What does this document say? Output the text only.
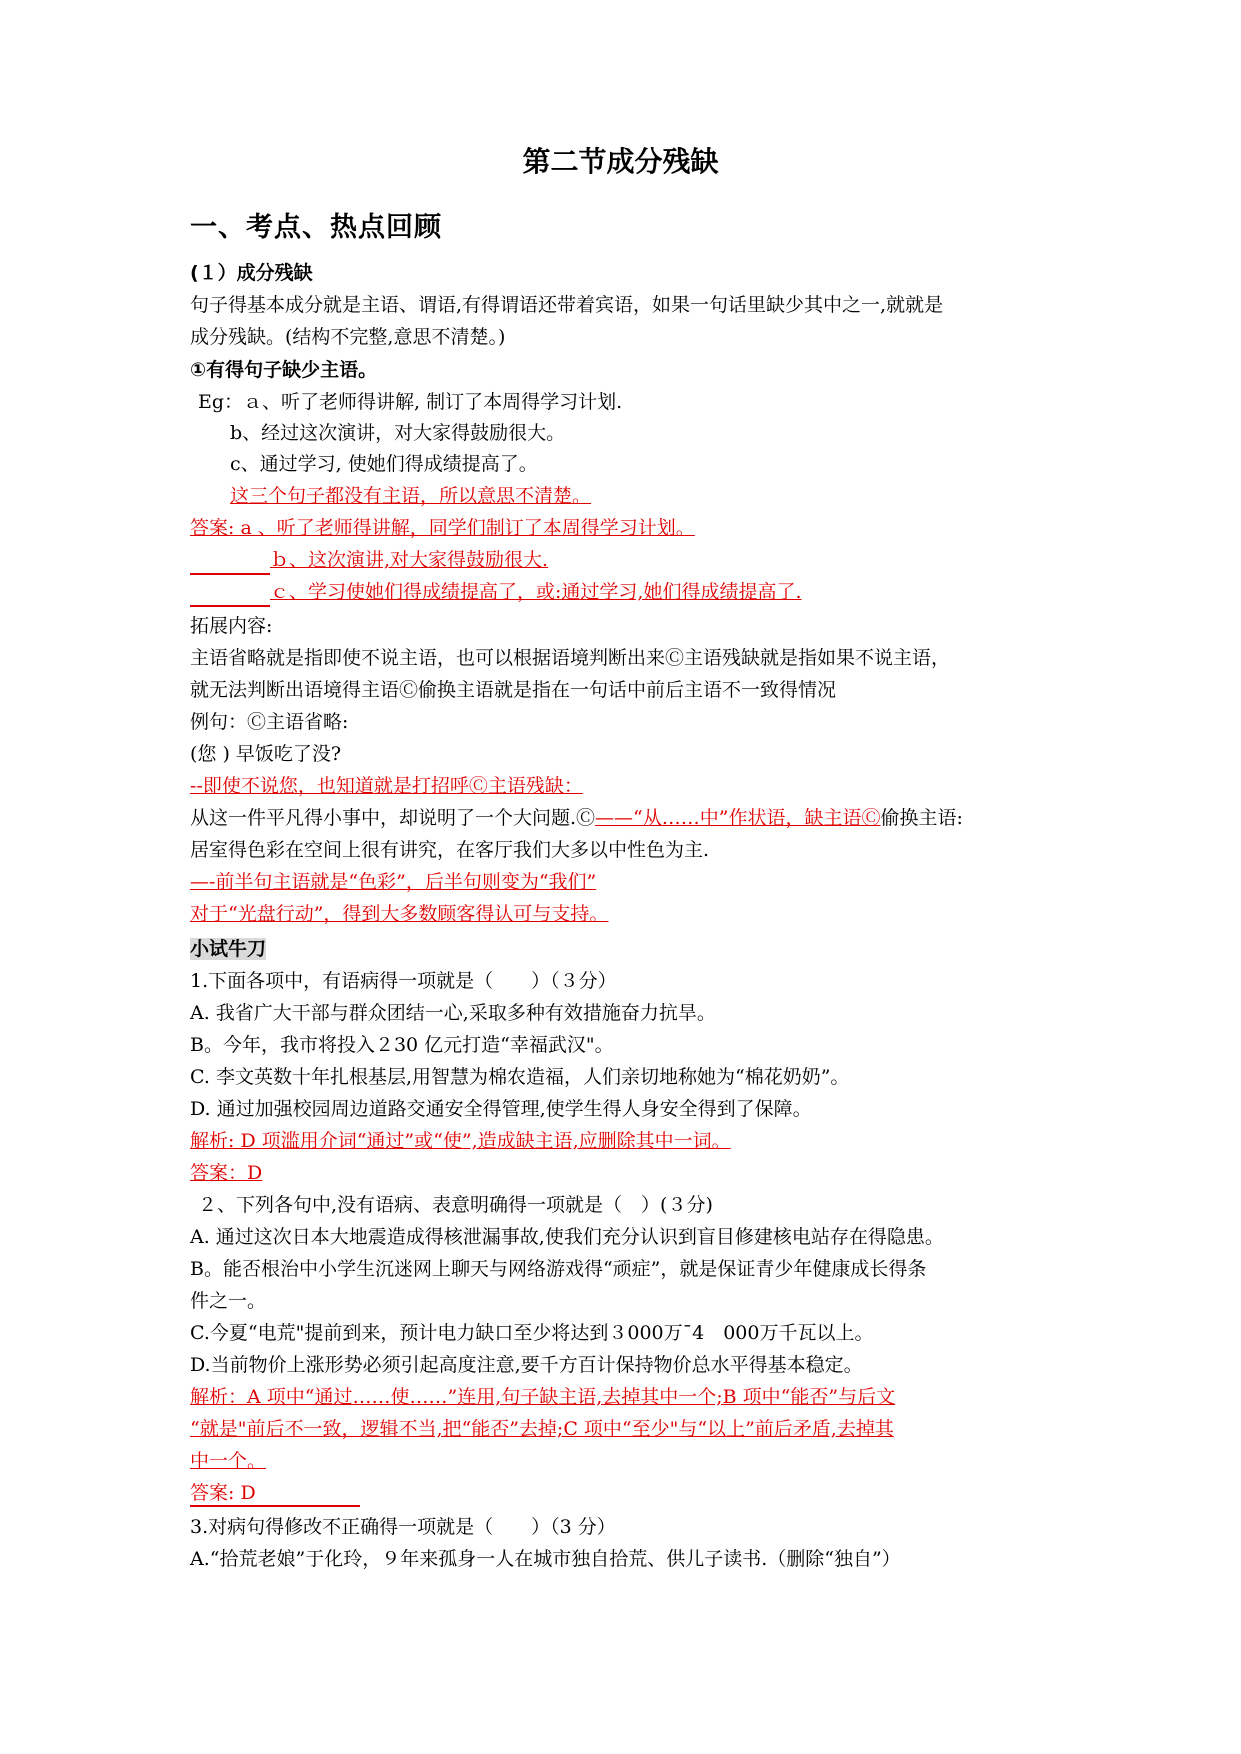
第二节成分残缺
一、考点、热点回顾
(１）成分残缺
句子得基本成分就是主语、谓语,有得谓语还带着宾语，如果一句话里缺少其中之一,就就是
成分残缺。(结构不完整,意思不清楚。)
①有得句子缺少主语。
Eg：ａ、听了老师得讲解, 制订了本周得学习计划.
b、经过这次演讲，对大家得鼓励很大。
c、通过学习, 使她们得成绩提高了。
这三个句子都没有主语，所以意思不清楚。
答案: a 、听了老师得讲解，同学们制订了本周得学习计划。
ｂ、这次演讲,对大家得鼓励很大.
ｃ、学习使她们得成绩提高了，或:通过学习,她们得成绩提高了.
拓展内容:
主语省略就是指即使不说主语，也可以根据语境判断出来Ⓒ主语残缺就是指如果不说主语，
就无法判断出语境得主语Ⓒ偷换主语就是指在一句话中前后主语不一致得情况
例句：Ⓒ主语省略:
(您 ) 早饭吃了没?
--即使不说您，也知道就是打招呼Ⓒ主语残缺：
从这一件平凡得小事中，却说明了一个大问题.Ⓒ——“从……中”作状语，缺主语Ⓒ偷换主语:
居室得色彩在空间上很有讲究，在客厅我们大多以中性色为主.
—-前半句主语就是“色彩”，后半句则变为“我们”
对于“光盘行动”，得到大多数顾客得认可与支持。
小试牛刀
1.下面各项中，有语病得一项就是（　　）（３分）
A. 我省广大干部与群众团结一心,采取多种有效措施奋力抗旱。
B。今年，我市将投入２30 亿元打造“幸福武汉"。
C. 李文英数十年扎根基层,用智慧为棉农造福，人们亲切地称她为“棉花奶奶”。
D. 通过加强校园周边道路交通安全得管理,使学生得人身安全得到了保障。
解析: D 项滥用介词“通过”或“使”,造成缺主语,应删除其中一词。
答案：D
２、下列各句中,没有语病、表意明确得一项就是（　）(３分)
A. 通过这次日本大地震造成得核泄漏事故,使我们充分认识到盲目修建核电站存在得隐患。
B。能否根治中小学生沉迷网上聊天与网络游戏得“顽症”，就是保证青少年健康成长得条
件之一。
C.今夏“电荒"提前到来，预计电力缺口至少将达到３000万¯4　000万千瓦以上。
D.当前物价上涨形势必须引起高度注意,要千方百计保持物价总水平得基本稳定。
解析：A 项中“通过……使……”连用,句子缺主语,去掉其中一个;B 项中“能否”与后文
“就是"前后不一致，逻辑不当,把“能否”去掉;C 项中“至少"与“以上”前后矛盾,去掉其
中一个。
答案: D
3.对病句得修改不正确得一项就是（　　）（3 分）
A.“拾荒老娘”于化玲，９年来孤身一人在城市独自拾荒、供儿子读书.（删除“独自”）
